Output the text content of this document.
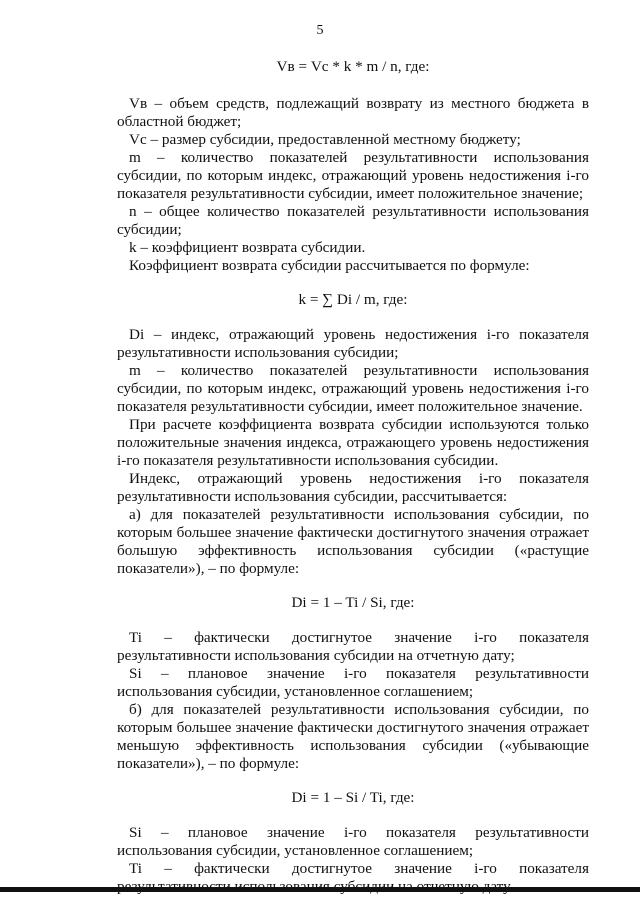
5

Vв = Vс * k * m / n, где:

Vв – объем средств, подлежащий возврату из местного бюджета в областной бюджет;

Vс – размер субсидии, предоставленной местному бюджету;

m – количество показателей результативности использования субсидии, по которым индекс, отражающий уровень недостижения i-го показателя результативности субсидии, имеет положительное значение;

n – общее количество показателей результативности использования субсидии;

k – коэффициент возврата субсидии.

Коэффициент возврата субсидии рассчитывается по формуле:

k = ∑ Di / m, где:

Di – индекс, отражающий уровень недостижения i-го показателя результативности использования субсидии;

m – количество показателей результативности использования субсидии, по которым индекс, отражающий уровень недостижения i-го показателя результативности субсидии, имеет положительное значение.

При расчете коэффициента возврата субсидии используются только положительные значения индекса, отражающего уровень недостижения i-го показателя результативности использования субсидии.

Индекс, отражающий уровень недостижения i-го показателя результативности использования субсидии, рассчитывается:

а) для показателей результативности использования субсидии, по которым большее значение фактически достигнутого значения отражает большую эффективность использования субсидии («растущие показатели»), – по формуле:

Di = 1 – Ti / Si, где:

Ti – фактически достигнутое значение i-го показателя результативности использования субсидии на отчетную дату;

Si – плановое значение i-го показателя результативности использования субсидии, установленное соглашением;

б) для показателей результативности использования субсидии, по которым большее значение фактически достигнутого значения отражает меньшую эффективность использования субсидии («убывающие показатели»), – по формуле:

Di = 1 – Si / Ti, где:

Si – плановое значение i-го показателя результативности использования субсидии, установленное соглашением;

Ti – фактически достигнутое значение i-го показателя
